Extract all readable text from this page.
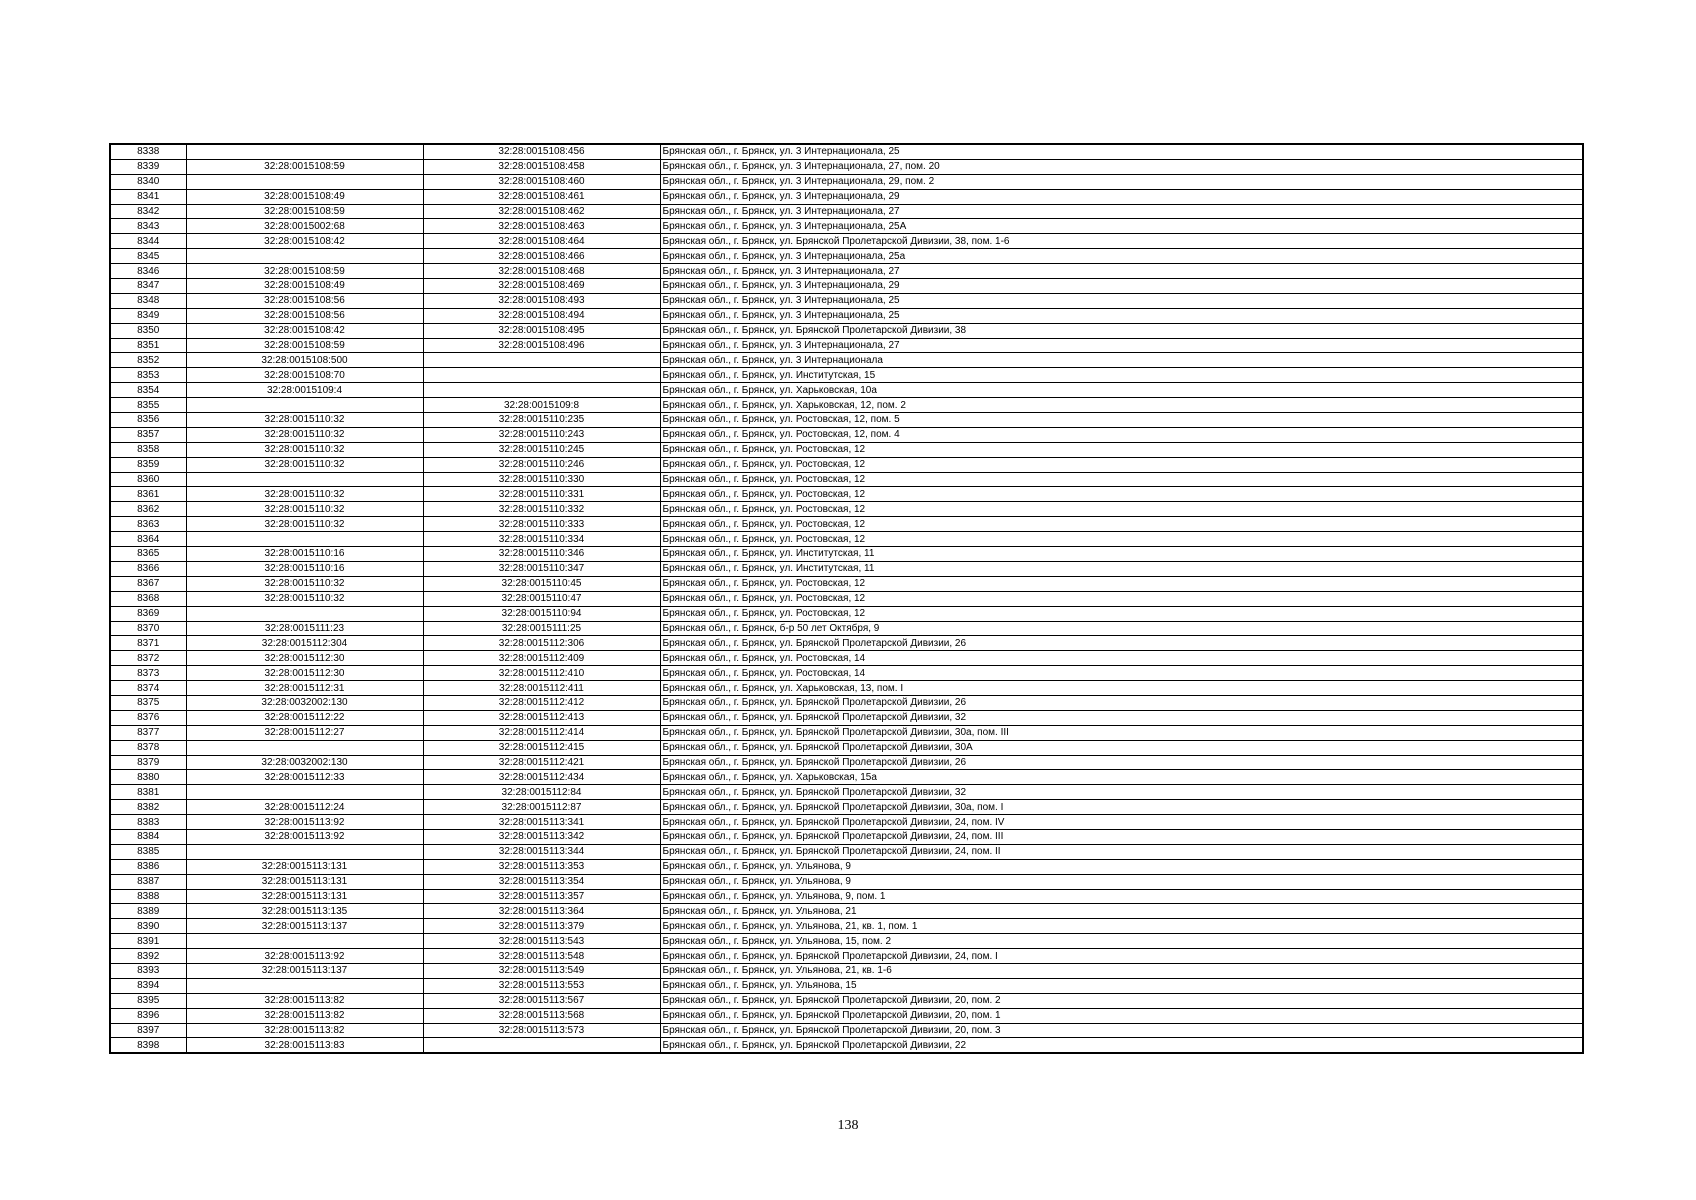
8338		32:28:0015108:456	Брянская обл., г. Брянск, ул. 3 Интернационала, 25
8339	32:28:0015108:59	32:28:0015108:458	Брянская обл., г. Брянск, ул. 3 Интернационала, 27, пом. 20
8340		32:28:0015108:460	Брянская обл., г. Брянск, ул. 3 Интернационала, 29, пом. 2
8341	32:28:0015108:49	32:28:0015108:461	Брянская обл., г. Брянск, ул. 3 Интернационала, 29
8342	32:28:0015108:59	32:28:0015108:462	Брянская обл., г. Брянск, ул. 3 Интернационала, 27
8343	32:28:0015002:68	32:28:0015108:463	Брянская обл., г. Брянск, ул. 3 Интернационала, 25А
8344	32:28:0015108:42	32:28:0015108:464	Брянская обл., г. Брянск, ул. Брянской Пролетарской Дивизии, 38, пом. 1-6
8345		32:28:0015108:466	Брянская обл., г. Брянск, ул. 3 Интернационала, 25а
8346	32:28:0015108:59	32:28:0015108:468	Брянская обл., г. Брянск, ул. 3 Интернационала, 27
8347	32:28:0015108:49	32:28:0015108:469	Брянская обл., г. Брянск, ул. 3 Интернационала, 29
8348	32:28:0015108:56	32:28:0015108:493	Брянская обл., г. Брянск, ул. 3 Интернационала, 25
8349	32:28:0015108:56	32:28:0015108:494	Брянская обл., г. Брянск, ул. 3 Интернационала, 25
8350	32:28:0015108:42	32:28:0015108:495	Брянская обл., г. Брянск, ул. Брянской Пролетарской Дивизии, 38
8351	32:28:0015108:59	32:28:0015108:496	Брянская обл., г. Брянск, ул. 3 Интернационала, 27
8352	32:28:0015108:500		Брянская обл., г. Брянск, ул. 3 Интернационала
8353	32:28:0015108:70		Брянская обл., г. Брянск, ул. Институтская, 15
8354	32:28:0015109:4		Брянская обл., г. Брянск, ул. Харьковская, 10а
8355		32:28:0015109:8	Брянская обл., г. Брянск, ул. Харьковская, 12, пом. 2
8356	32:28:0015110:32	32:28:0015110:235	Брянская обл., г. Брянск, ул. Ростовская, 12, пом. 5
8357	32:28:0015110:32	32:28:0015110:243	Брянская обл., г. Брянск, ул. Ростовская, 12, пом. 4
8358	32:28:0015110:32	32:28:0015110:245	Брянская обл., г. Брянск, ул. Ростовская, 12
8359	32:28:0015110:32	32:28:0015110:246	Брянская обл., г. Брянск, ул. Ростовская, 12
8360		32:28:0015110:330	Брянская обл., г. Брянск, ул. Ростовская, 12
8361	32:28:0015110:32	32:28:0015110:331	Брянская обл., г. Брянск, ул. Ростовская, 12
8362	32:28:0015110:32	32:28:0015110:332	Брянская обл., г. Брянск, ул. Ростовская, 12
8363	32:28:0015110:32	32:28:0015110:333	Брянская обл., г. Брянск, ул. Ростовская, 12
8364		32:28:0015110:334	Брянская обл., г. Брянск, ул. Ростовская, 12
8365	32:28:0015110:16	32:28:0015110:346	Брянская обл., г. Брянск, ул. Институтская, 11
8366	32:28:0015110:16	32:28:0015110:347	Брянская обл., г. Брянск, ул. Институтская, 11
8367	32:28:0015110:32	32:28:0015110:45	Брянская обл., г. Брянск, ул. Ростовская, 12
8368	32:28:0015110:32	32:28:0015110:47	Брянская обл., г. Брянск, ул. Ростовская, 12
8369		32:28:0015110:94	Брянская обл., г. Брянск, ул. Ростовская, 12
8370	32:28:0015111:23	32:28:0015111:25	Брянская обл., г. Брянск, б-р 50 лет Октября, 9
8371	32:28:0015112:304	32:28:0015112:306	Брянская обл., г. Брянск, ул. Брянской Пролетарской Дивизии, 26
8372	32:28:0015112:30	32:28:0015112:409	Брянская обл., г. Брянск, ул. Ростовская, 14
8373	32:28:0015112:30	32:28:0015112:410	Брянская обл., г. Брянск, ул. Ростовская, 14
8374	32:28:0015112:31	32:28:0015112:411	Брянская обл., г. Брянск, ул. Харьковская, 13, пом. I
8375	32:28:0032002:130	32:28:0015112:412	Брянская обл., г. Брянск, ул. Брянской Пролетарской Дивизии, 26
8376	32:28:0015112:22	32:28:0015112:413	Брянская обл., г. Брянск, ул. Брянской Пролетарской Дивизии, 32
8377	32:28:0015112:27	32:28:0015112:414	Брянская обл., г. Брянск, ул. Брянской Пролетарской Дивизии, 30а, пом. III
8378		32:28:0015112:415	Брянская обл., г. Брянск, ул. Брянской Пролетарской Дивизии, 30А
8379	32:28:0032002:130	32:28:0015112:421	Брянская обл., г. Брянск, ул. Брянской Пролетарской Дивизии, 26
8380	32:28:0015112:33	32:28:0015112:434	Брянская обл., г. Брянск, ул. Харьковская, 15а
8381		32:28:0015112:84	Брянская обл., г. Брянск, ул. Брянской Пролетарской Дивизии, 32
8382	32:28:0015112:24	32:28:0015112:87	Брянская обл., г. Брянск, ул. Брянской Пролетарской Дивизии, 30а, пом. I
8383	32:28:0015113:92	32:28:0015113:341	Брянская обл., г. Брянск, ул. Брянской Пролетарской Дивизии, 24, пом. IV
8384	32:28:0015113:92	32:28:0015113:342	Брянская обл., г. Брянск, ул. Брянской Пролетарской Дивизии, 24, пом. III
8385		32:28:0015113:344	Брянская обл., г. Брянск, ул. Брянской Пролетарской Дивизии, 24, пом. II
8386	32:28:0015113:131	32:28:0015113:353	Брянская обл., г. Брянск, ул. Ульянова, 9
8387	32:28:0015113:131	32:28:0015113:354	Брянская обл., г. Брянск, ул. Ульянова, 9
8388	32:28:0015113:131	32:28:0015113:357	Брянская обл., г. Брянск, ул. Ульянова, 9, пом. 1
8389	32:28:0015113:135	32:28:0015113:364	Брянская обл., г. Брянск, ул. Ульянова, 21
8390	32:28:0015113:137	32:28:0015113:379	Брянская обл., г. Брянск, ул. Ульянова, 21, кв. 1, пом. 1
8391		32:28:0015113:543	Брянская обл., г. Брянск, ул. Ульянова, 15, пом. 2
8392	32:28:0015113:92	32:28:0015113:548	Брянская обл., г. Брянск, ул. Брянской Пролетарской Дивизии, 24, пом. I
8393	32:28:0015113:137	32:28:0015113:549	Брянская обл., г. Брянск, ул. Ульянова, 21, кв. 1-6
8394		32:28:0015113:553	Брянская обл., г. Брянск, ул. Ульянова, 15
8395	32:28:0015113:82	32:28:0015113:567	Брянская обл., г. Брянск, ул. Брянской Пролетарской Дивизии, 20, пом. 2
8396	32:28:0015113:82	32:28:0015113:568	Брянская обл., г. Брянск, ул. Брянской Пролетарской Дивизии, 20, пом. 1
8397	32:28:0015113:82	32:28:0015113:573	Брянская обл., г. Брянск, ул. Брянской Пролетарской Дивизии, 20, пом. 3
8398	32:28:0015113:83		Брянская обл., г. Брянск, ул. Брянской Пролетарской Дивизии, 22
138
